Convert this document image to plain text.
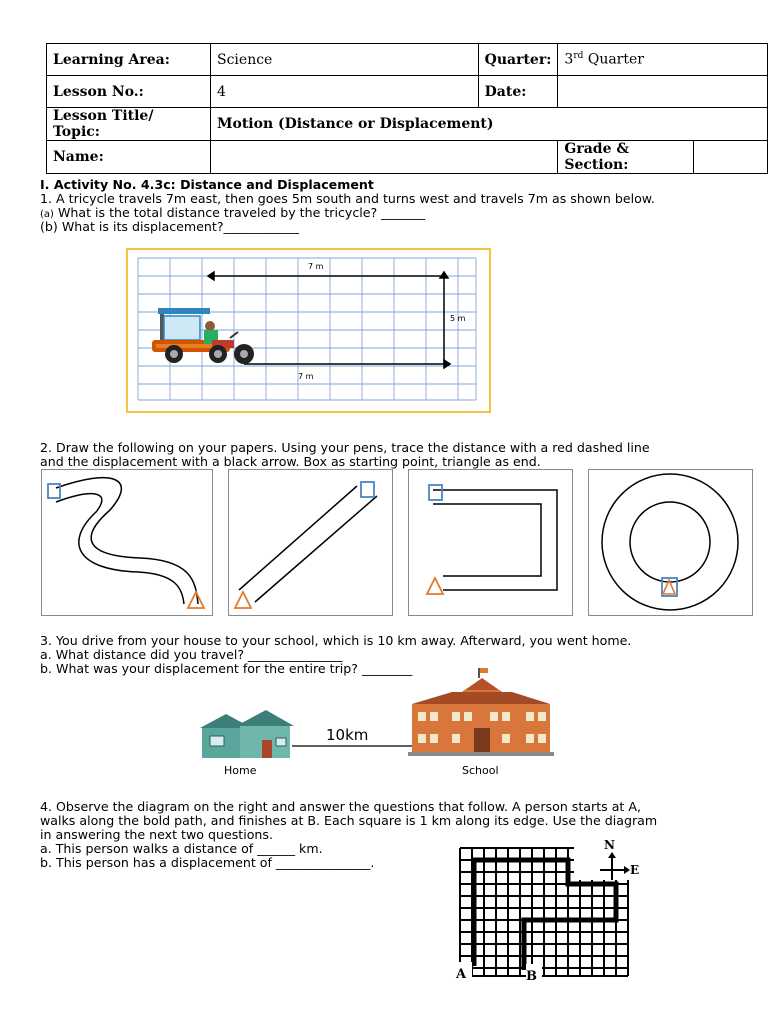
Learning Area:	Science	Quarter:	3rd Quarter	
Lesson No.:	4	Date:		
Lesson Title/ Topic:	Motion (Distance or Displacement)			
Name:			Grade & Section:	
I. Activity No. 4.3c: Distance and Displacement
1. A tricycle travels 7m east, then goes 5m south and turns west and travels 7m as shown below.
(a) What is the total distance traveled by the tricycle? _______
(b) What is its displacement?____________
7 m
5 m
7 m
2. Draw the following on your papers. Using your pens, trace the distance with a red dashed line
and the displacement with a black arrow. Box as starting point, triangle as end.
3. You drive from your house to your school, which is 10 km away. Afterward, you went home.
a. What distance did you travel? _______________
b. What was your displacement for the entire trip? ________
10km
Home	School
4. Observe the diagram on the right and answer the questions that follow. A person starts at A,
walks along the bold path, and finishes at B. Each square is 1 km along its edge. Use the diagram
in answering the next two questions.
a. This person walks a distance of ______ km.
b. This person has a displacement of _______________.
N
E
A	B
